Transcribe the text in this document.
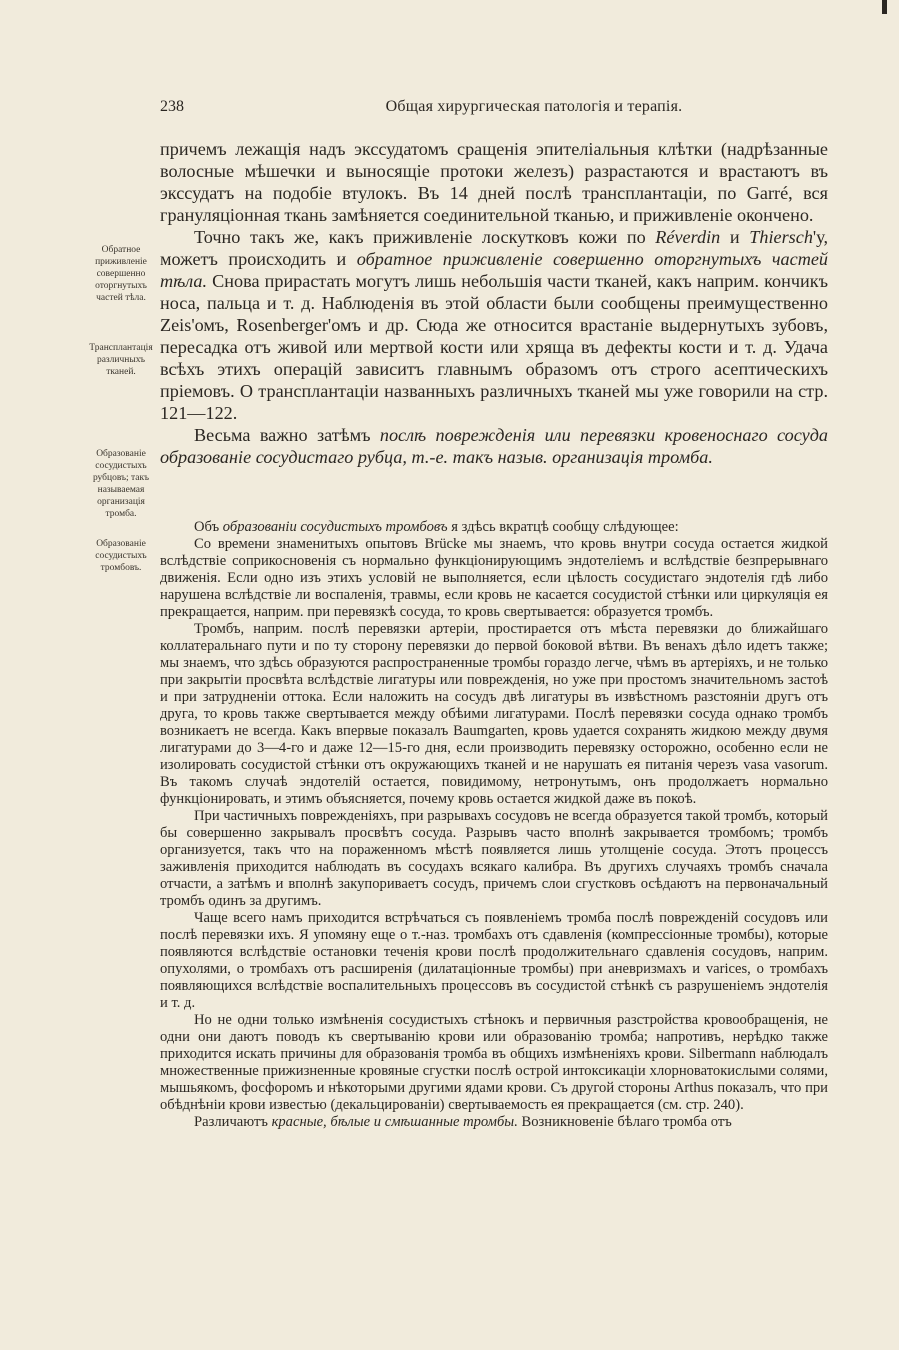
238	Общая хирургическая патологія и терапія.
Обратное приживленіе совершенно оторгнутыхъ частей тѣла.
Трансплантація различныхъ тканей.
Образованіе сосудистыхъ рубцовъ; такъ называемая организація тромба.
Образованіе сосудистыхъ тромбовъ.

причемъ лежащія надъ экссудатомъ сращенія эпителіальныя клѣтки (надрѣзанные волосные мѣшечки и выносящіе протоки железъ) разрастаются и врастаютъ въ экссудатъ на подобіе втулокъ. Въ 14 дней послѣ трансплантаціи, по Garré, вся грануляціонная ткань замѣняется соединительной тканью, и приживленіе окончено.

Точно такъ же, какъ приживленіе лоскутковъ кожи по Réverdin и Thiersch'у, можетъ происходить и обратное приживленіе совершенно оторгнутыхъ частей тѣла. Снова прирастать могутъ лишь небольшія части тканей, какъ наприм. кончикъ носа, пальца и т. д. Наблюденія въ этой области были сообщены преимущественно Zeis'омъ, Rosenberger'омъ и др. Сюда же относится врастаніе выдернутыхъ зубовъ, пересадка отъ живой или мертвой кости или хряща въ дефекты кости и т. д. Удача всѣхъ этихъ операцій зависитъ главнымъ образомъ отъ строго асептическихъ пріемовъ. О трансплантаціи названныхъ различныхъ тканей мы уже говорили на стр. 121—122.

Весьма важно затѣмъ послѣ поврежденія или перевязки кровеноснаго сосуда образованіе сосудистаго рубца, т.-е. такъ назыв. организація тромба.

Объ образованіи сосудистыхъ тромбовъ я здѣсь вкратцѣ сообщу слѣдующее:

Со времени знаменитыхъ опытовъ Brücke мы знаемъ, что кровь внутри сосуда остается жидкой вслѣдствіе соприкосновенія съ нормально функціонирующимъ эндотеліемъ и вслѣдствіе безпрерывнаго движенія. Если одно изъ этихъ условій не выполняется, если цѣлость сосудистаго эндотелія гдѣ либо нарушена вслѣдствіе ли воспаленія, травмы, если кровь не касается сосудистой стѣнки или циркуляція ея прекращается, наприм. при перевязкѣ сосуда, то кровь свертывается: образуется тромбъ.

Тромбъ, наприм. послѣ перевязки артеріи, простирается отъ мѣста перевязки до ближайшаго коллатеральнаго пути и по ту сторону перевязки до первой боковой вѣтви. Въ венахъ дѣло идетъ также; мы знаемъ, что здѣсь образуются распространенные тромбы гораздо легче, чѣмъ въ артеріяхъ, и не только при закрытіи просвѣта вслѣдствіе лигатуры или поврежденія, но уже при простомъ значительномъ застоѣ и при затрудненіи оттока. Если наложить на сосудъ двѣ лигатуры въ извѣстномъ разстояніи другъ отъ друга, то кровь также свертывается между обѣими лигатурами. Послѣ перевязки сосуда однако тромбъ возникаетъ не всегда. Какъ впервые показалъ Baumgarten, кровь удается сохранять жидкою между двумя лигатурами до 3—4-го и даже 12—15-го дня, если производить перевязку осторожно, особенно если не изолировать сосудистой стѣнки отъ окружающихъ тканей и не нарушать ея питанія черезъ vasa vasorum. Въ такомъ случаѣ эндотелій остается, повидимому, нетронутымъ, онъ продолжаетъ нормально функціонировать, и этимъ объясняется, почему кровь остается жидкой даже въ покоѣ.

При частичныхъ поврежденіяхъ, при разрывахъ сосудовъ не всегда образуется такой тромбъ, который бы совершенно закрывалъ просвѣтъ сосуда. Разрывъ часто вполнѣ закрывается тромбомъ; тромбъ организуется, такъ что на пораженномъ мѣстѣ появляется лишь утолщеніе сосуда. Этотъ процессъ заживленія приходится наблюдать въ сосудахъ всякаго калибра. Въ другихъ случаяхъ тромбъ сначала отчасти, а затѣмъ и вполнѣ закупориваетъ сосудъ, причемъ слои сгустковъ осѣдаютъ на первоначальный тромбъ одинъ за другимъ.

Чаще всего намъ приходится встрѣчаться съ появленіемъ тромба послѣ поврежденій сосудовъ или послѣ перевязки ихъ. Я упомяну еще о т.-наз. тромбахъ отъ сдавленія (компрессіонные тромбы), которые появляются вслѣдствіе остановки теченія крови послѣ продолжительнаго сдавленія сосудовъ, наприм. опухолями, о тромбахъ отъ расширенія (дилатаціонные тромбы) при аневризмахъ и varices, о тромбахъ появляющихся вслѣдствіе воспалительныхъ процессовъ въ сосудистой стѣнкѣ съ разрушеніемъ эндотелія и т. д.

Но не одни только измѣненія сосудистыхъ стѣнокъ и первичныя разстройства кровообращенія, не одни они даютъ поводъ къ свертыванію крови или образованію тромба; напротивъ, нерѣдко также приходится искать причины для образованія тромба въ общихъ измѣненіяхъ крови. Silbermann наблюдалъ множественные прижизненные кровяные сгустки послѣ острой интоксикаціи хлорноватокислыми солями, мышьякомъ, фосфоромъ и нѣкоторыми другими ядами крови. Съ другой стороны Arthus показалъ, что при обѣднѣніи крови известью (декальцированіи) свертываемость ея прекращается (см. стр. 240).

Различаютъ красные, бѣлые и смѣшанные тромбы. Возникновеніе бѣлаго тромба отъ
